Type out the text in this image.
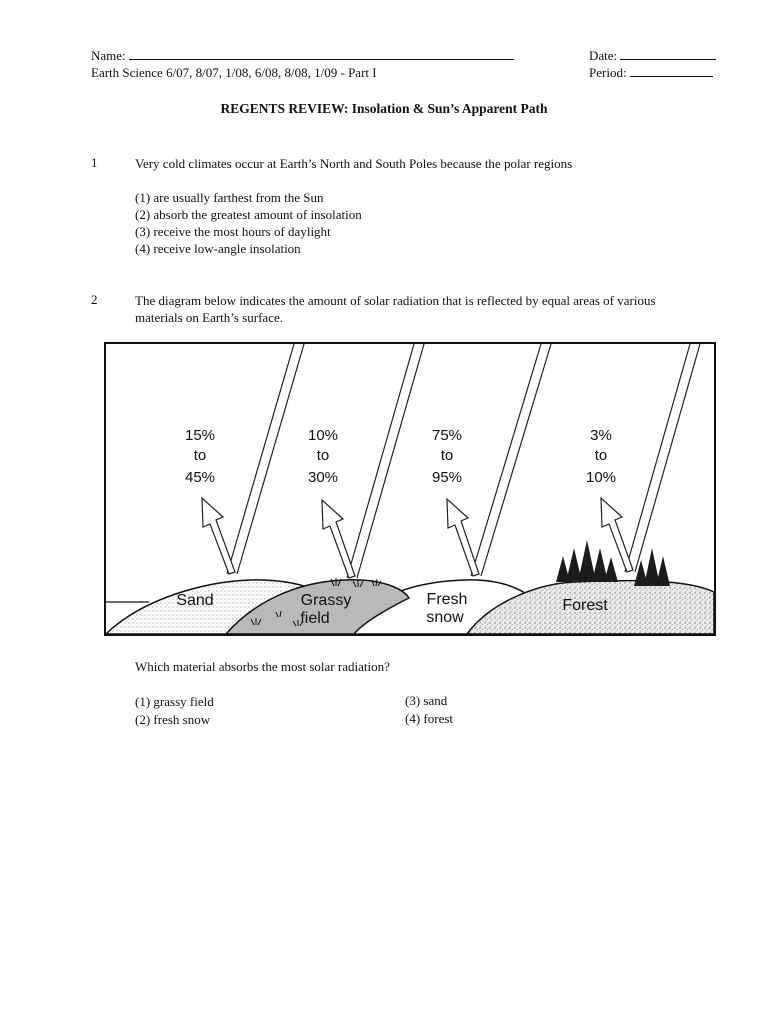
Name:	Date:
Earth Science 6/07, 8/07, 1/08, 6/08, 8/08, 1/09 - Part I	Period:
REGENTS REVIEW: Insolation & Sun’s Apparent Path
1	Very cold climates occur at Earth’s North and South Poles because the polar regions
(1) are usually farthest from the Sun
(2) absorb the greatest amount of insolation
(3) receive the most hours of daylight
(4) receive low-angle insolation
2	The diagram below indicates the amount of solar radiation that is reflected by equal areas of various
materials on Earth’s surface.
15%
to
45%
10%
to
30%
75%
to
95%
3%
to
10%
Sand	Grassy
field
Fresh
snow
Forest
Which material absorbs the most solar radiation?
(1) grassy field
(2) fresh snow
(3) sand
(4) forest
